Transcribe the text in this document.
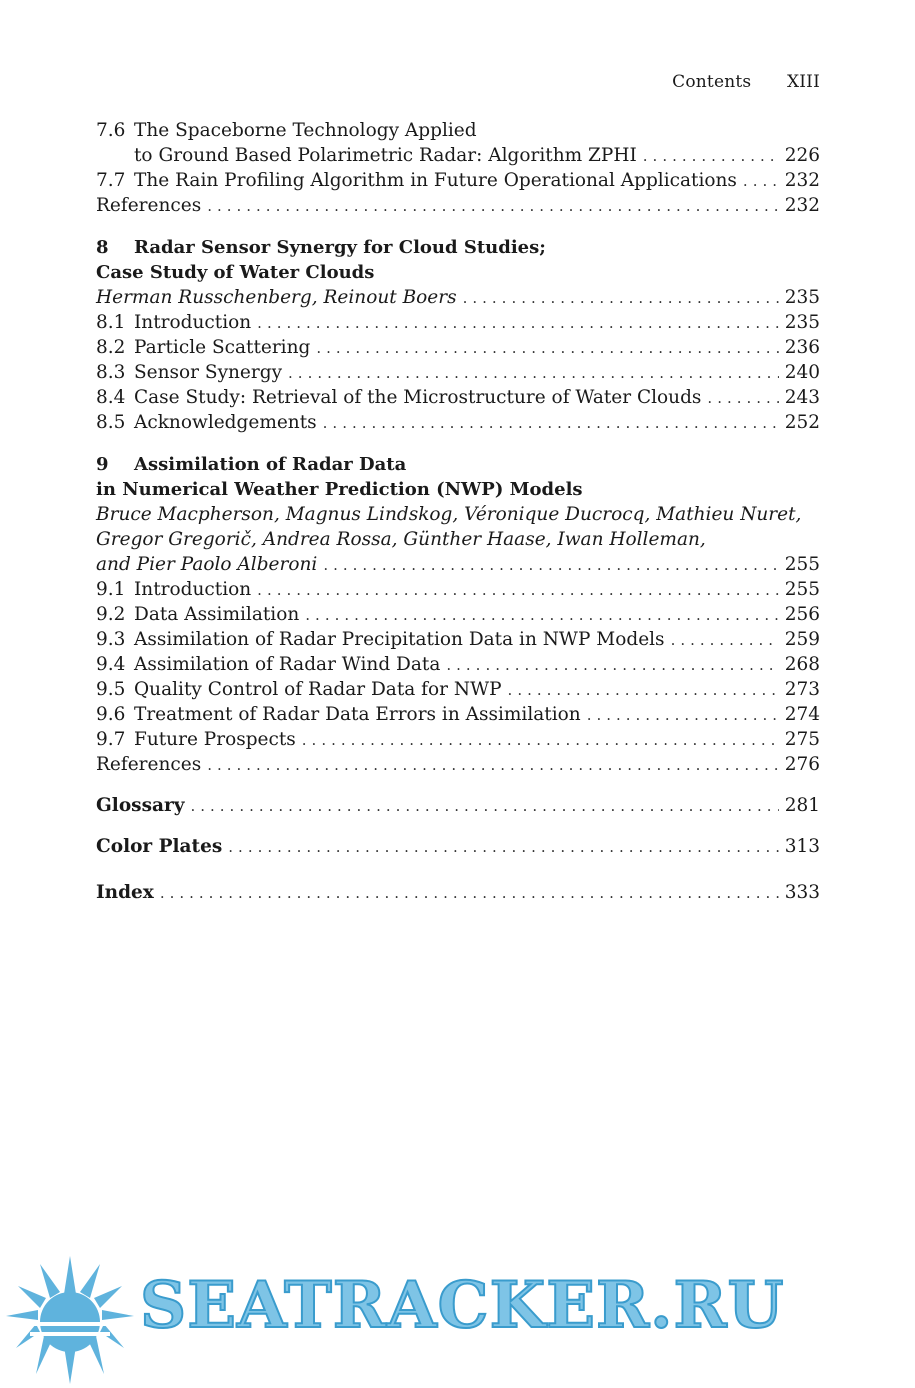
Contents XIII
7.6 The Spaceborne Technology Applied
to Ground Based Polarimetric Radar: Algorithm ZPHI .....	226
7.7 The Rain Profiling Algorithm in Future Operational Applications .....	232
References .....	232
8 Radar Sensor Synergy for Cloud Studies;
Case Study of Water Clouds
Herman Russchenberg, Reinout Boers .....	235
8.1 Introduction .....	235
8.2 Particle Scattering .....	236
8.3 Sensor Synergy .....	240
8.4 Case Study: Retrieval of the Microstructure of Water Clouds .....	243
8.5 Acknowledgements .....	252
9 Assimilation of Radar Data
in Numerical Weather Prediction (NWP) Models
Bruce Macpherson, Magnus Lindskog, Véronique Ducrocq, Mathieu Nuret,
Gregor Gregorič, Andrea Rossa, Günther Haase, Iwan Holleman,
and Pier Paolo Alberoni .....	255
9.1 Introduction .....	255
9.2 Data Assimilation .....	256
9.3 Assimilation of Radar Precipitation Data in NWP Models .....	259
9.4 Assimilation of Radar Wind Data .....	268
9.5 Quality Control of Radar Data for NWP .....	273
9.6 Treatment of Radar Data Errors in Assimilation .....	274
9.7 Future Prospects .....	275
References .....	276
Glossary .....	281
Color Plates .....	313
Index .....	333
SEATRACKER.RU
